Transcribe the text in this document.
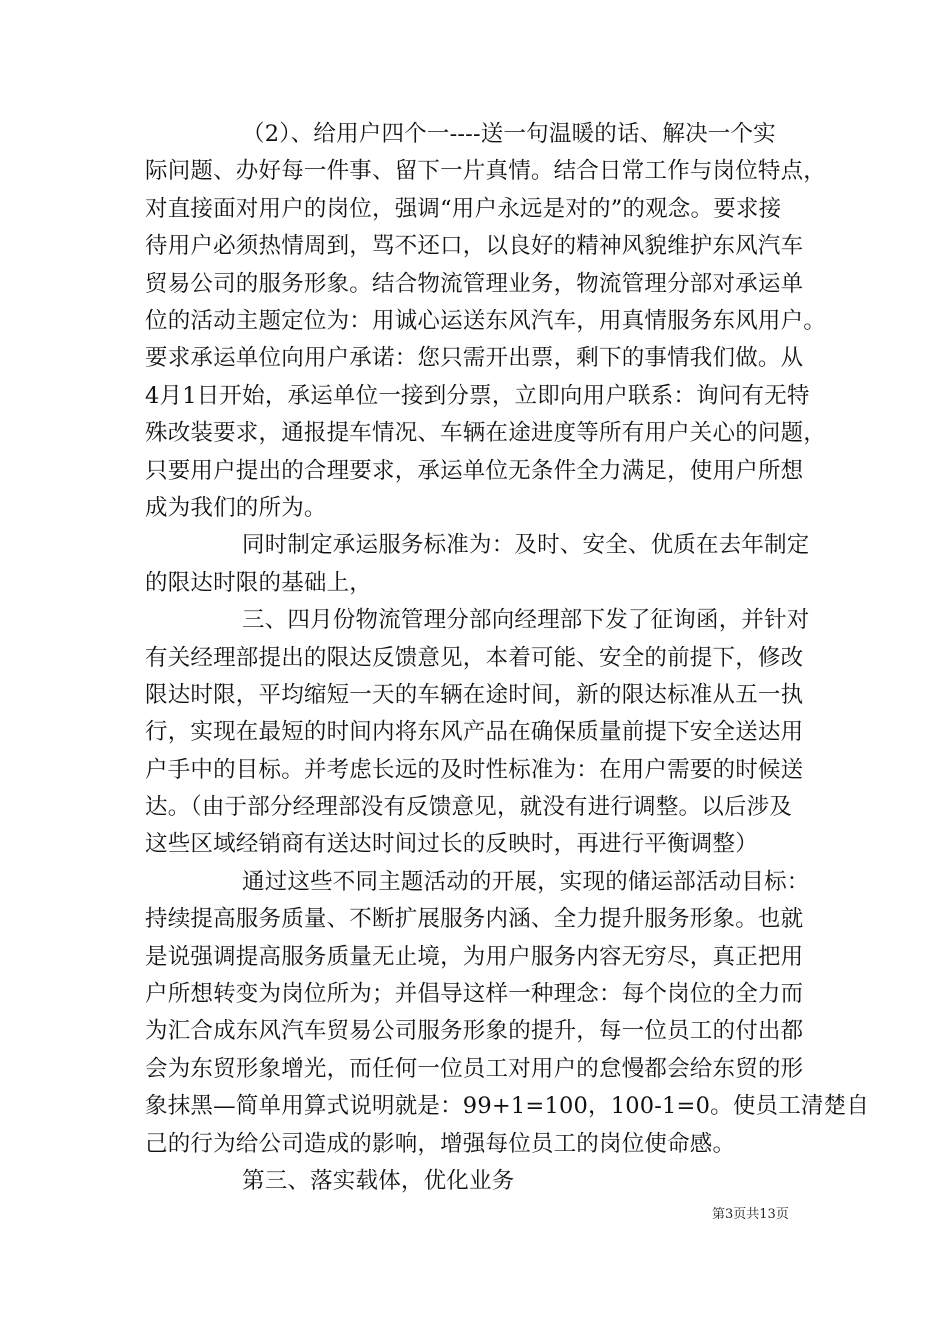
（2）、给用户四个一----送一句温暖的话、解决一个实
际问题、办好每一件事、留下一片真情。结合日常工作与岗位特点，
对直接面对用户的岗位，强调“用户永远是对的”的观念。要求接
待用户必须热情周到，骂不还口，以良好的精神风貌维护东风汽车
贸易公司的服务形象。结合物流管理业务，物流管理分部对承运单
位的活动主题定位为：用诚心运送东风汽车，用真情服务东风用户。
要求承运单位向用户承诺：您只需开出票，剩下的事情我们做。从
4月1日开始，承运单位一接到分票，立即向用户联系：询问有无特
殊改装要求，通报提车情况、车辆在途进度等所有用户关心的问题，
只要用户提出的合理要求，承运单位无条件全力满足，使用户所想
成为我们的所为。
同时制定承运服务标准为：及时、安全、优质在去年制定
的限达时限的基础上，
三、四月份物流管理分部向经理部下发了征询函，并针对
有关经理部提出的限达反馈意见，本着可能、安全的前提下，修改
限达时限，平均缩短一天的车辆在途时间，新的限达标准从五一执
行，实现在最短的时间内将东风产品在确保质量前提下安全送达用
户手中的目标。并考虑长远的及时性标准为：在用户需要的时候送
达。（由于部分经理部没有反馈意见，就没有进行调整。以后涉及
这些区域经销商有送达时间过长的反映时，再进行平衡调整）
通过这些不同主题活动的开展，实现的储运部活动目标：
持续提高服务质量、不断扩展服务内涵、全力提升服务形象。也就
是说强调提高服务质量无止境，为用户服务内容无穷尽，真正把用
户所想转变为岗位所为；并倡导这样一种理念：每个岗位的全力而
为汇合成东风汽车贸易公司服务形象的提升，每一位员工的付出都
会为东贸形象增光，而任何一位员工对用户的怠慢都会给东贸的形
象抹黑—简单用算式说明就是：99+1=100，100-1=0。使员工清楚自
己的行为给公司造成的影响，增强每位员工的岗位使命感。
第三、落实载体，优化业务
第3页共13页
